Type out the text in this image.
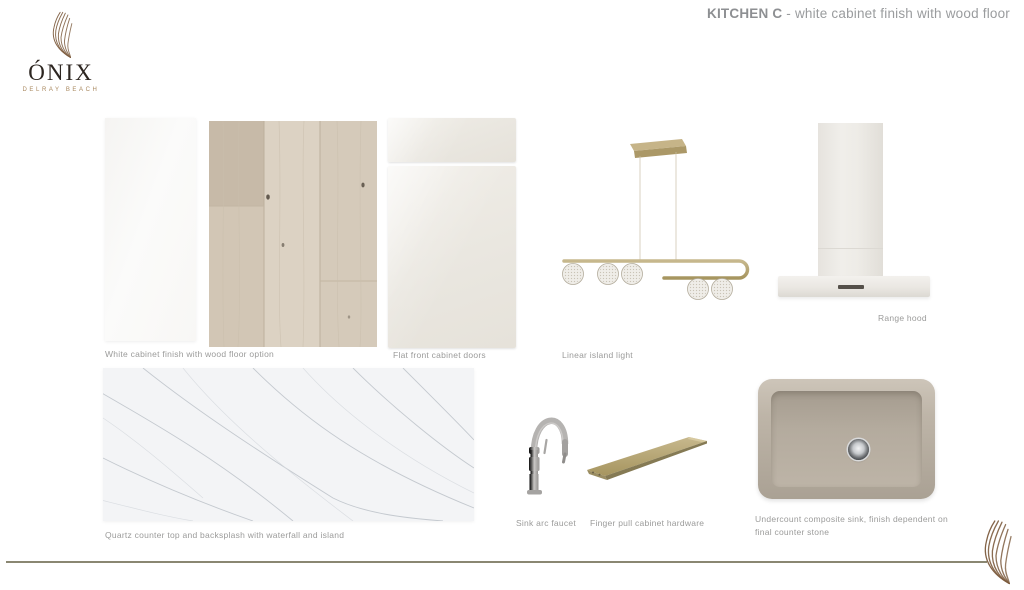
ÓNIX
DELRAY BEACH
KITCHEN C - white cabinet finish with wood floor
White cabinet finish with wood floor option	Flat front cabinet doors	Linear island light
Range hood
Quartz counter top and backsplash with waterfall and island
Sink arc faucet Finger pull cabinet hardware	Undercount composite sink, finish dependent on final counter stone
